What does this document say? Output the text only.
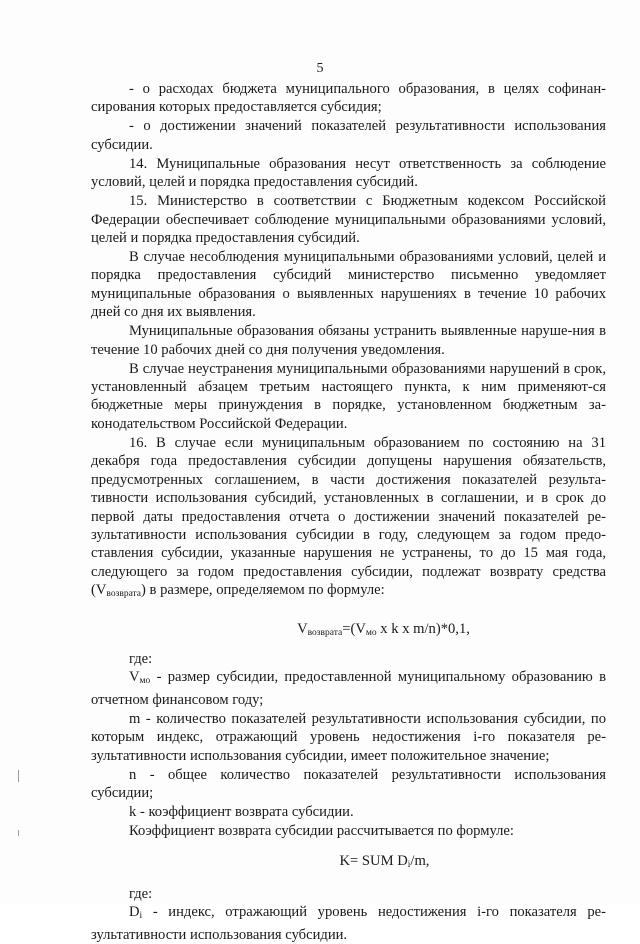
5

- о расходах бюджета муниципального образования, в целях софинан-сирования которых предоставляется субсидия;

- о достижении значений показателей результативности использования субсидии.

14. Муниципальные образования несут ответственность за соблюдение условий, целей и порядка предоставления субсидий.

15. Министерство в соответствии с Бюджетным кодексом Российской Федерации обеспечивает соблюдение муниципальными образованиями условий, целей и порядка предоставления субсидий.

В случае несоблюдения муниципальными образованиями условий, целей и порядка предоставления субсидий министерство письменно уведомляет муниципальные образования о выявленных нарушениях в течение 10 рабочих дней со дня их выявления.

Муниципальные образования обязаны устранить выявленные наруше-ния в течение 10 рабочих дней со дня получения уведомления.

В случае неустранения муниципальными образованиями нарушений в срок, установленный абзацем третьим настоящего пункта, к ним применяют-ся бюджетные меры принуждения в порядке, установленном бюджетным за-конодательством Российской Федерации.

16. В случае если муниципальным образованием по состоянию на 31 декабря года предоставления субсидии допущены нарушения обязательств, предусмотренных соглашением, в части достижения показателей результа-тивности использования субсидий, установленных в соглашении, и в срок до первой даты предоставления отчета о достижении значений показателей ре-зультативности использования субсидии в году, следующем за годом предо-ставления субсидии, указанные нарушения не устранены, то до 15 мая года, следующего за годом предоставления субсидии, подлежат возврату средства $(V_{возврата})$ в размере, определяемом по формуле:

$V_{возврата}=(V_{мо}$ x k x m/n)*0,1,

где:

$V_{мо}$ - размер субсидии, предоставленной муниципальному образованию в отчетном финансовом году;

m - количество показателей результативности использования субсидии, по которым индекс, отражающий уровень недостижения i-го показателя ре-зультативности использования субсидии, имеет положительное значение;

n - общее количество показателей результативности использования субсидии;

k - коэффициент возврата субсидии.

Коэффициент возврата субсидии рассчитывается по формуле:

K= SUM $D_i/m$,

где:

$D_i$ - индекс, отражающий уровень недостижения i-го показателя ре-зультативности использования субсидии.
